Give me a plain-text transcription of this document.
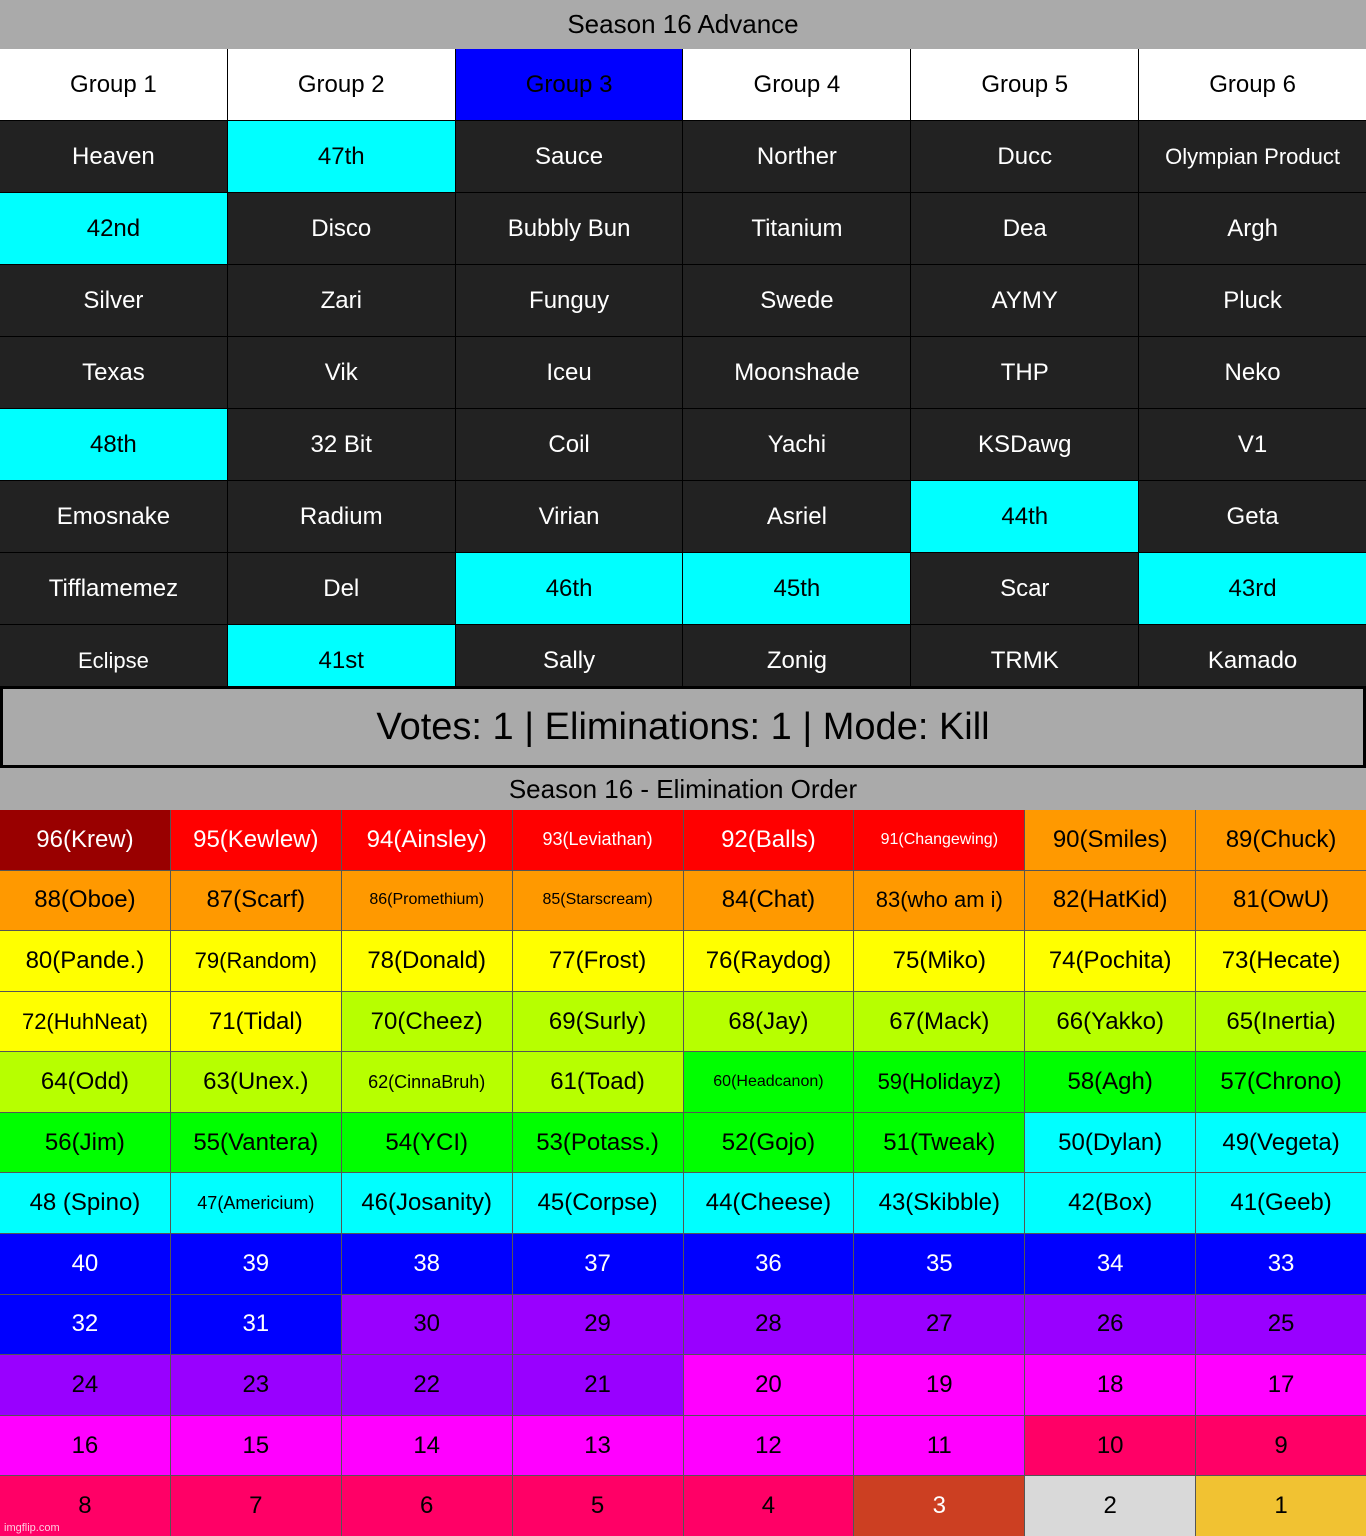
Season 16 Advance
Group 1	Group 2	Group 3	Group 4	Group 5	Group 6
Heaven	47th	Sauce	Norther	Ducc	Olympian Product
42nd	Disco	Bubbly Bun	Titanium	Dea	Argh
Silver	Zari	Funguy	Swede	AYMY	Pluck
Texas	Vik	Iceu	Moonshade	THP	Neko
48th	32 Bit	Coil	Yachi	KSDawg	V1
Emosnake	Radium	Virian	Asriel	44th	Geta
Tifflamemez	Del	46th	45th	Scar	43rd
Eclipse	41st	Sally	Zonig	TRMK	Kamado
Votes: 1 | Eliminations: 1 | Mode: Kill
Season 16 - Elimination Order
96(Krew)	95(Kewlew)	94(Ainsley)	93(Leviathan)	92(Balls)	91(Changewing)	90(Smiles)	89(Chuck)
88(Oboe)	87(Scarf)	86(Promethium)	85(Starscream)	84(Chat)	83(who am i)	82(HatKid)	81(OwU)
80(Pande.)	79(Random)	78(Donald)	77(Frost)	76(Raydog)	75(Miko)	74(Pochita)	73(Hecate)
72(HuhNeat)	71(Tidal)	70(Cheez)	69(Surly)	68(Jay)	67(Mack)	66(Yakko)	65(Inertia)
64(Odd)	63(Unex.)	62(CinnaBruh)	61(Toad)	60(Headcanon)	59(Holidayz)	58(Agh)	57(Chrono)
56(Jim)	55(Vantera)	54(YCI)	53(Potass.)	52(Gojo)	51(Tweak)	50(Dylan)	49(Vegeta)
48 (Spino)	47(Americium)	46(Josanity)	45(Corpse)	44(Cheese)	43(Skibble)	42(Box)	41(Geeb)
40	39	38	37	36	35	34	33
32	31	30	29	28	27	26	25
24	23	22	21	20	19	18	17
16	15	14	13	12	11	10	9
8	7	6	5	4	3	2	1
imgflip.com
